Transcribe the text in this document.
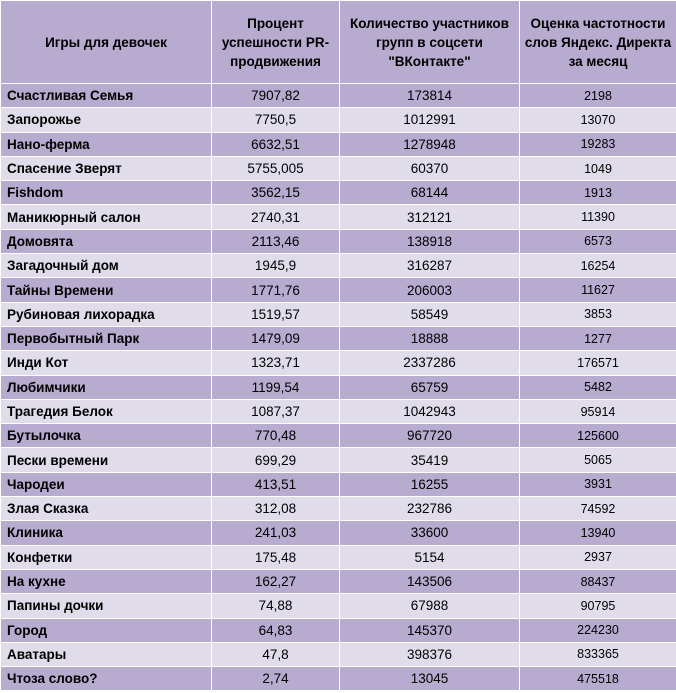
Игры для девочек	Процент успешности PR-продвижения	Количество участников групп в соцсети "ВКонтакте"	Оценка частотности слов Яндекс. Директа за месяц
Счастливая Семья	7907,82	173814	2198
Запорожье	7750,5	1012991	13070
Нано-ферма	6632,51	1278948	19283
Спасение Зверят	5755,005	60370	1049
Fishdom	3562,15	68144	1913
Маникюрный салон	2740,31	312121	11390
Домовята	2113,46	138918	6573
Загадочный дом	1945,9	316287	16254
Тайны Времени	1771,76	206003	11627
Рубиновая лихорадка	1519,57	58549	3853
Первобытный Парк	1479,09	18888	1277
Инди Кот	1323,71	2337286	176571
Любимчики	1199,54	65759	5482
Трагедия Белок	1087,37	1042943	95914
Бутылочка	770,48	967720	125600
Пески времени	699,29	35419	5065
Чародеи	413,51	16255	3931
Злая Сказка	312,08	232786	74592
Клиника	241,03	33600	13940
Конфетки	175,48	5154	2937
На кухне	162,27	143506	88437
Папины дочки	74,88	67988	90795
Город	64,83	145370	224230
Аватары	47,8	398376	833365
Чтоза слово?	2,74	13045	475518
